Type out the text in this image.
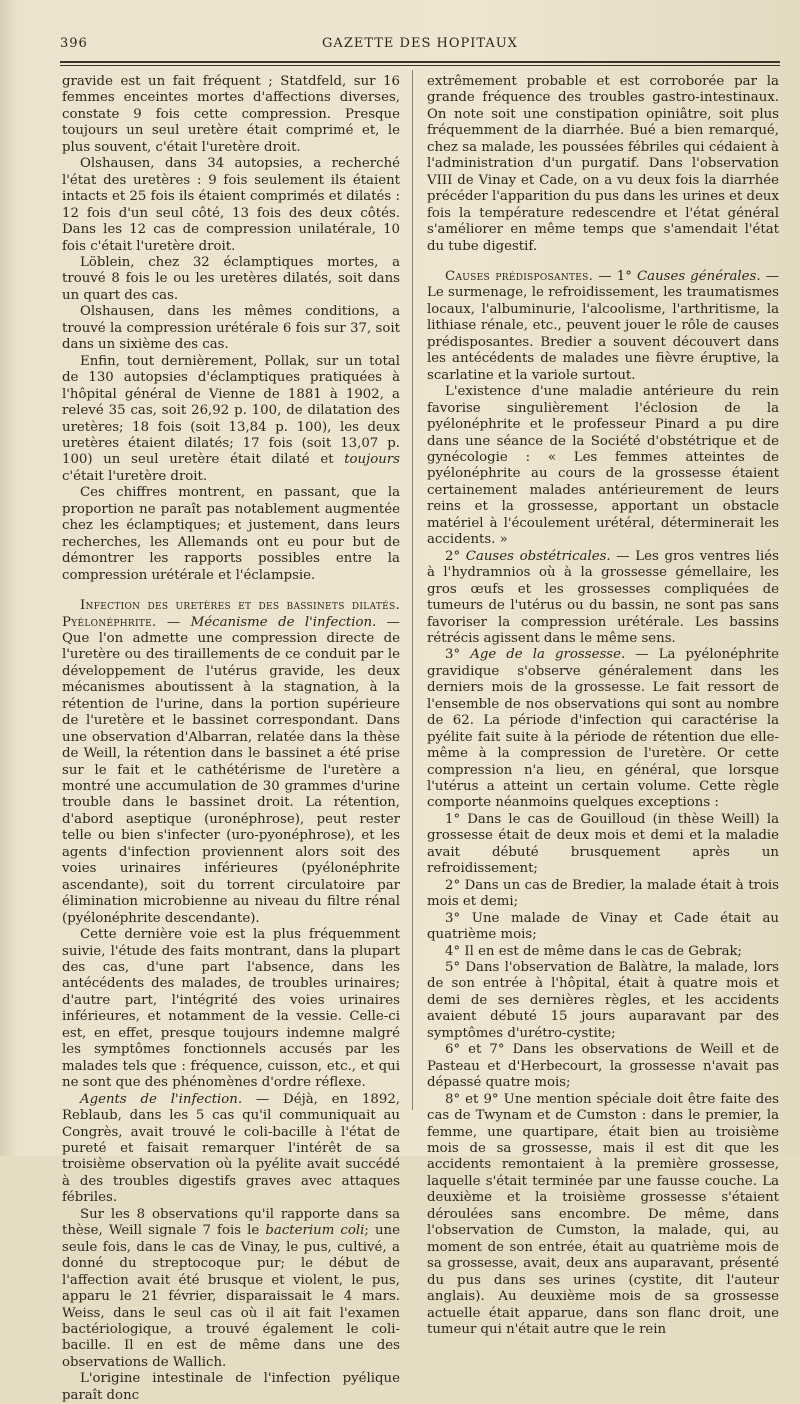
396	GAZETTE DES HOPITAUX

gravide est un fait fréquent ; Statdfeld, sur 16 femmes enceintes mortes d'affections diverses, constate 9 fois cette compression. Presque toujours un seul uretère était comprimé et, le plus souvent, c'était l'uretère droit.

Olshausen, dans 34 autopsies, a recherché l'état des uretères : 9 fois seulement ils étaient intacts et 25 fois ils étaient comprimés et dilatés : 12 fois d'un seul côté, 13 fois des deux côtés. Dans les 12 cas de compression unilatérale, 10 fois c'était l'uretère droit.

Löblein, chez 32 éclamptiques mortes, a trouvé 8 fois le ou les uretères dilatés, soit dans un quart des cas.

Olshausen, dans les mêmes conditions, a trouvé la compression urétérale 6 fois sur 37, soit dans un sixième des cas.

Enfin, tout dernièrement, Pollak, sur un total de 130 autopsies d'éclamptiques pratiquées à l'hôpital général de Vienne de 1881 à 1902, a relevé 35 cas, soit 26,92 p. 100, de dilatation des uretères; 18 fois (soit 13,84 p. 100), les deux uretères étaient dilatés; 17 fois (soit 13,07 p. 100) un seul uretère était dilaté et toujours c'était l'uretère droit.

Ces chiffres montrent, en passant, que la proportion ne paraît pas notablement augmentée chez les éclamptiques; et justement, dans leurs recherches, les Allemands ont eu pour but de démontrer les rapports possibles entre la compression urétérale et l'éclampsie.

Infection des uretères et des bassinets dilatés. Pyélonéphrite. — Mécanisme de l'infection. — Que l'on admette une compression directe de l'uretère ou des tiraillements de ce conduit par le développement de l'utérus gravide, les deux mécanismes aboutissent à la stagnation, à la rétention de l'urine, dans la portion supérieure de l'uretère et le bassinet correspondant. Dans une observation d'Albarran, relatée dans la thèse de Weill, la rétention dans le bassinet a été prise sur le fait et le cathétérisme de l'uretère a montré une accumulation de 30 grammes d'urine trouble dans le bassinet droit. La rétention, d'abord aseptique (uronéphrose), peut rester telle ou bien s'infecter (uro-pyonéphrose), et les agents d'infection proviennent alors soit des voies urinaires inférieures (pyélonéphrite ascendante), soit du torrent circulatoire par élimination microbienne au niveau du filtre rénal (pyélonéphrite descendante).

Cette dernière voie est la plus fréquemment suivie, l'étude des faits montrant, dans la plupart des cas, d'une part l'absence, dans les antécédents des malades, de troubles urinaires; d'autre part, l'intégrité des voies urinaires inférieures, et notamment de la vessie. Celle-ci est, en effet, presque toujours indemne malgré les symptômes fonctionnels accusés par les malades tels que : fréquence, cuisson, etc., et qui ne sont que des phénomènes d'ordre réflexe.

Agents de l'infection. — Déjà, en 1892, Reblaub, dans les 5 cas qu'il communiquait au Congrès, avait trouvé le coli-bacille à l'état de pureté et faisait remarquer l'intérêt de sa troisième observation où la pyélite avait succédé à des troubles digestifs graves avec attaques fébriles.

Sur les 8 observations qu'il rapporte dans sa thèse, Weill signale 7 fois le bacterium coli; une seule fois, dans le cas de Vinay, le pus, cultivé, a donné du streptocoque pur; le début de l'affection avait été brusque et violent, le pus, apparu le 21 février, disparaissait le 4 mars. Weiss, dans le seul cas où il ait fait l'examen bactériologique, a trouvé également le coli-bacille. Il en est de même dans une des observations de Wallich.

L'origine intestinale de l'infection pyélique paraît donc

extrêmement probable et est corroborée par la grande fréquence des troubles gastro-intestinaux. On note soit une constipation opiniâtre, soit plus fréquemment de la diarrhée. Bué a bien remarqué, chez sa malade, les poussées fébriles qui cédaient à l'administration d'un purgatif. Dans l'observation VIII de Vinay et Cade, on a vu deux fois la diarrhée précéder l'apparition du pus dans les urines et deux fois la température redescendre et l'état général s'améliorer en même temps que s'amendait l'état du tube digestif.

Causes prédisposantes. — 1° Causes générales. — Le surmenage, le refroidissement, les traumatismes locaux, l'albuminurie, l'alcoolisme, l'arthritisme, la lithiase rénale, etc., peuvent jouer le rôle de causes prédisposantes. Bredier a souvent découvert dans les antécédents de malades une fièvre éruptive, la scarlatine et la variole surtout.

L'existence d'une maladie antérieure du rein favorise singulièrement l'éclosion de la pyélonéphrite et le professeur Pinard a pu dire dans une séance de la Société d'obstétrique et de gynécologie : « Les femmes atteintes de pyélonéphrite au cours de la grossesse étaient certainement malades antérieurement de leurs reins et la grossesse, apportant un obstacle matériel à l'écoulement urétéral, déterminerait les accidents. »

2° Causes obstétricales. — Les gros ventres liés à l'hydramnios où à la grossesse gémellaire, les gros œufs et les grossesses compliquées de tumeurs de l'utérus ou du bassin, ne sont pas sans favoriser la compression urétérale. Les bassins rétrécis agissent dans le même sens.

3° Age de la grossesse. — La pyélonéphrite gravidique s'observe généralement dans les derniers mois de la grossesse. Le fait ressort de l'ensemble de nos observations qui sont au nombre de 62. La période d'infection qui caractérise la pyélite fait suite à la période de rétention due elle-même à la compression de l'uretère. Or cette compression n'a lieu, en général, que lorsque l'utérus a atteint un certain volume. Cette règle comporte néanmoins quelques exceptions :

1° Dans le cas de Gouilloud (in thèse Weill) la grossesse était de deux mois et demi et la maladie avait débuté brusquement après un refroidissement;

2° Dans un cas de Bredier, la malade était à trois mois et demi;

3° Une malade de Vinay et Cade était au quatrième mois;

4° Il en est de même dans le cas de Gebrak;

5° Dans l'observation de Balàtre, la malade, lors de son entrée à l'hôpital, était à quatre mois et demi de ses dernières règles, et les accidents avaient débuté 15 jours auparavant par des symptômes d'urétro-cystite;

6° et 7° Dans les observations de Weill et de Pasteau et d'Herbecourt, la grossesse n'avait pas dépassé quatre mois;

8° et 9° Une mention spéciale doit être faite des cas de Twynam et de Cumston : dans le premier, la femme, une quartipare, était bien au troisième mois de sa grossesse, mais il est dit que les accidents remontaient à la première grossesse, laquelle s'était terminée par une fausse couche. La deuxième et la troisième grossesse s'étaient déroulées sans encombre. De même, dans l'observation de Cumston, la malade, qui, au moment de son entrée, était au quatrième mois de sa grossesse, avait, deux ans auparavant, présenté du pus dans ses urines (cystite, dit l'auteur anglais). Au deuxième mois de sa grossesse actuelle était apparue, dans son flanc droit, une tumeur qui n'était autre que le rein
